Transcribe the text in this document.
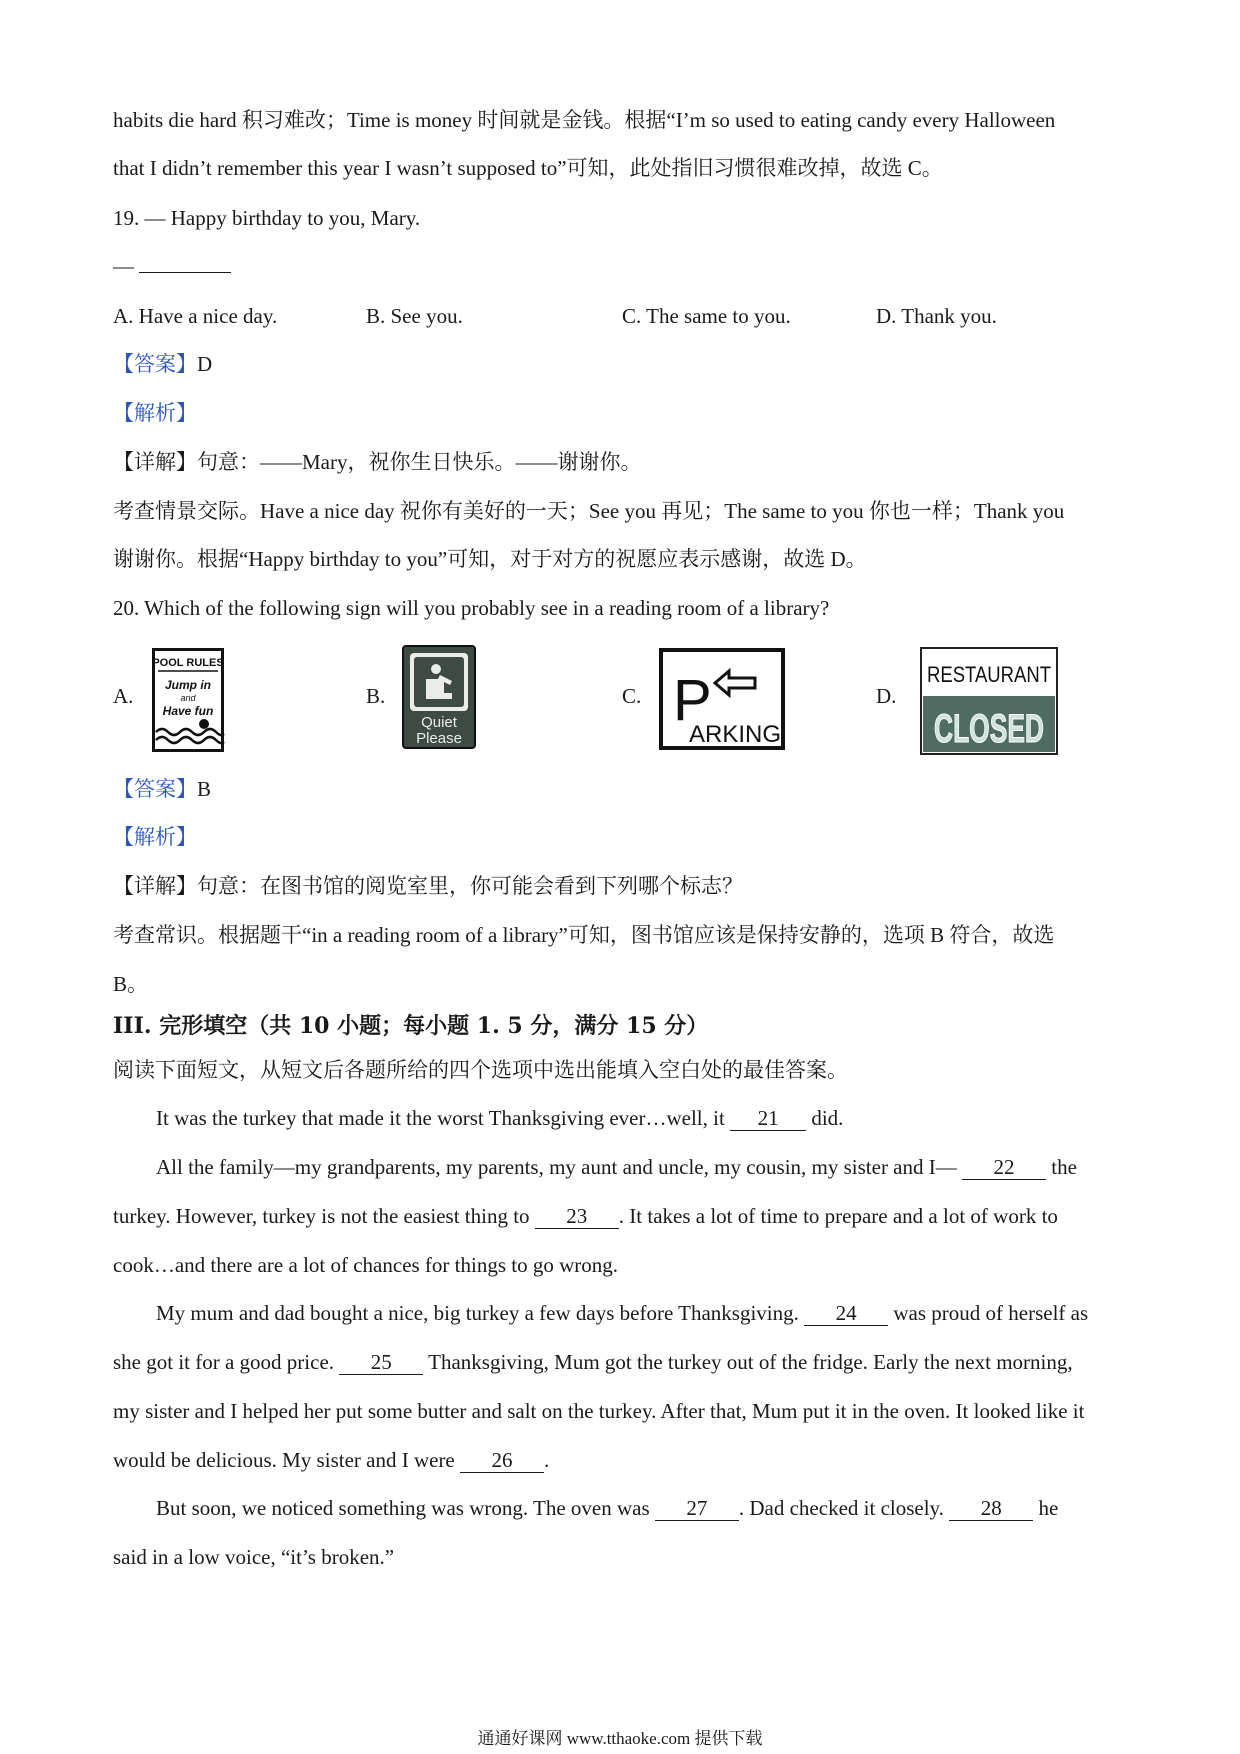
habits die hard 积习难改；Time is money 时间就是金钱。根据“I’m so used to eating candy every Halloween
that I didn’t remember this year I wasn’t supposed to”可知，此处指旧习惯很难改掉，故选 C。
19. — Happy birthday to you, Mary.
—
A. Have a nice day.	B. See you.	C. The same to you.	D. Thank you.
【答案】D
【解析】
【详解】句意：——Mary，祝你生日快乐。——谢谢你。
考查情景交际。Have a nice day 祝你有美好的一天；See you 再见；The same to you 你也一样；Thank you
谢谢你。根据“Happy birthday to you”可知，对于对方的祝愿应表示感谢，故选 D。
20. Which of the following sign will you probably see in a reading room of a library?
A.	B.	C.	D.
POOL RULES
Jump in
and
Have fun
Quiet
Please
P
ARKING
RESTAURANT
CLOSED
【答案】B
【解析】
【详解】句意：在图书馆的阅览室里，你可能会看到下列哪个标志？
考查常识。根据题干“in a reading room of a library”可知，图书馆应该是保持安静的，选项 B 符合，故选
B。
III. 完形填空（共 10 小题；每小题 1. 5 分，满分 15 分）
阅读下面短文，从短文后各题所给的四个选项中选出能填入空白处的最佳答案。
It was the turkey that made it the worst Thanksgiving ever…well, it 21 did.
All the family—my grandparents, my parents, my aunt and uncle, my cousin, my sister and I— 22 the
turkey. However, turkey is not the easiest thing to 23 . It takes a lot of time to prepare and a lot of work to
cook…and there are a lot of chances for things to go wrong.
My mum and dad bought a nice, big turkey a few days before Thanksgiving. 24 was proud of herself as
she got it for a good price. 25 Thanksgiving, Mum got the turkey out of the fridge. Early the next morning,
my sister and I helped her put some butter and salt on the turkey. After that, Mum put it in the oven. It looked like it
would be delicious. My sister and I were 26 .
But soon, we noticed something was wrong. The oven was 27 . Dad checked it closely. 28 he
said in a low voice, “it’s broken.”
通通好课网 www.tthaoke.com 提供下载
